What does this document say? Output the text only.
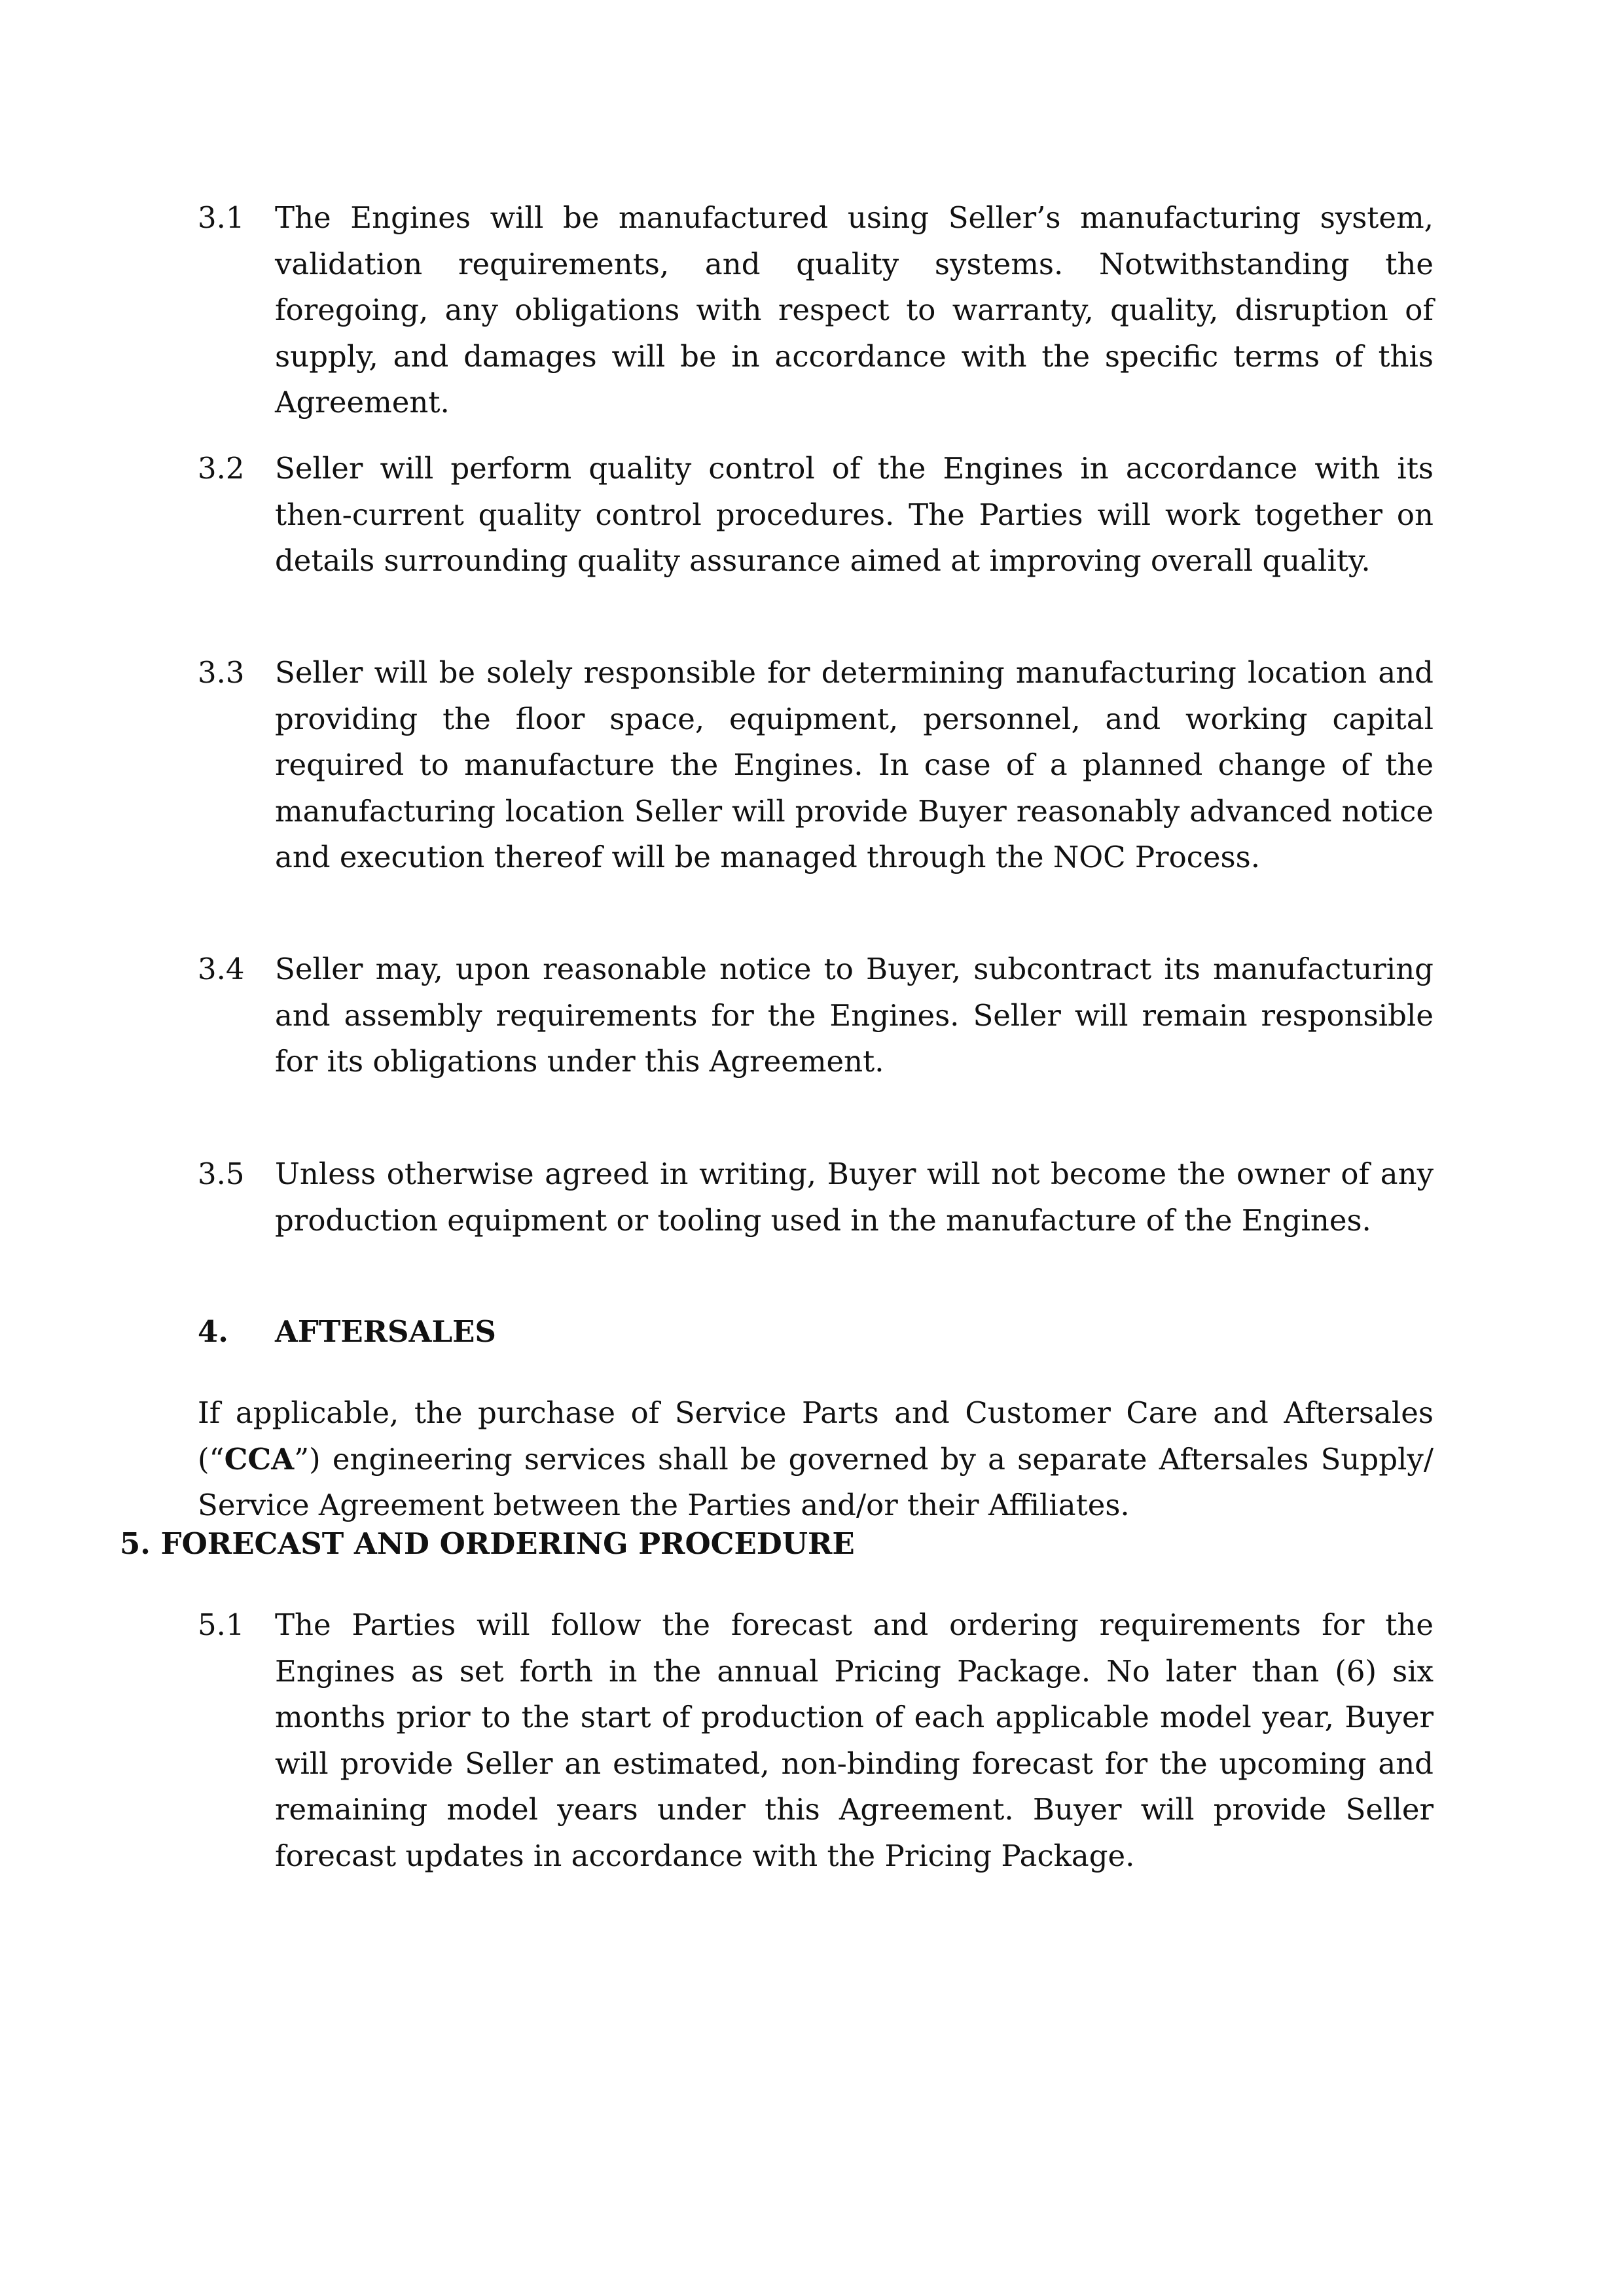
3.1 The Engines will be manufactured using Seller’s manufacturing system, validation requirements, and quality systems. Notwithstanding the foregoing, any obligations with respect to warranty, quality, disruption of supply, and damages will be in accordance with the specific terms of this Agreement.
3.2 Seller will perform quality control of the Engines in accordance with its then-current quality control procedures. The Parties will work together on details surrounding quality assurance aimed at improving overall quality.
3.3 Seller will be solely responsible for determining manufacturing location and providing the floor space, equipment, personnel, and working capital required to manufacture the Engines. In case of a planned change of the manufacturing location Seller will provide Buyer reasonably advanced notice and execution thereof will be managed through the NOC Process.
3.4 Seller may, upon reasonable notice to Buyer, subcontract its manufacturing and assembly requirements for the Engines. Seller will remain responsible for its obligations under this Agreement.
3.5 Unless otherwise agreed in writing, Buyer will not become the owner of any production equipment or tooling used in the manufacture of the Engines.
4. AFTERSALES
If applicable, the purchase of Service Parts and Customer Care and Aftersales (“CCA”) engineering services shall be governed by a separate Aftersales Supply/ Service Agreement between the Parties and/or their Affiliates.
5. FORECAST AND ORDERING PROCEDURE
5.1 The Parties will follow the forecast and ordering requirements for the Engines as set forth in the annual Pricing Package. No later than (6) six months prior to the start of production of each applicable model year, Buyer will provide Seller an estimated, non-binding forecast for the upcoming and remaining model years under this Agreement. Buyer will provide Seller forecast updates in accordance with the Pricing Package.
